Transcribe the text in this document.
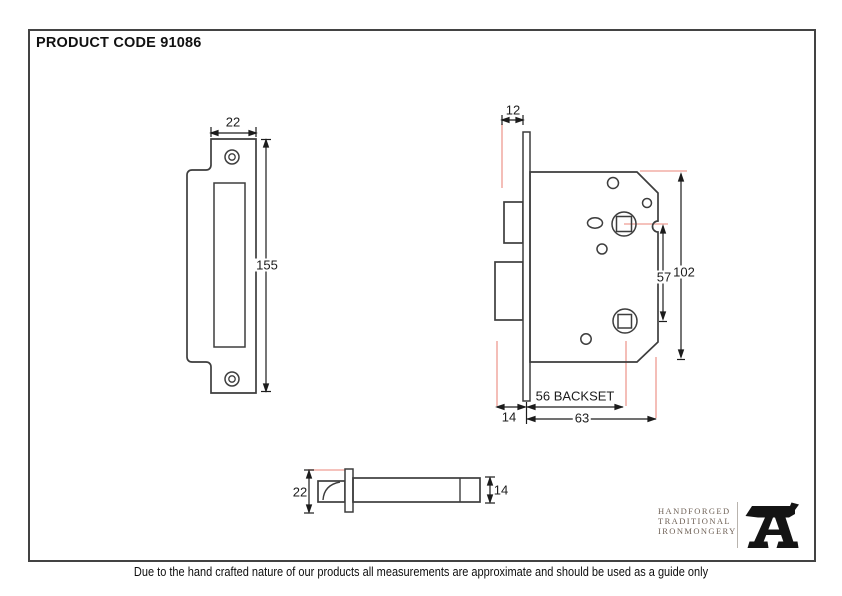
PRODUCT CODE 91086
22
155
12
57 102
14
56 BACKSET
63
22	14
HANDFORGED
TRADITIONAL
IRONMONGERY
Due to the hand crafted nature of our products all measurements are approximate and should be used as a guide only
